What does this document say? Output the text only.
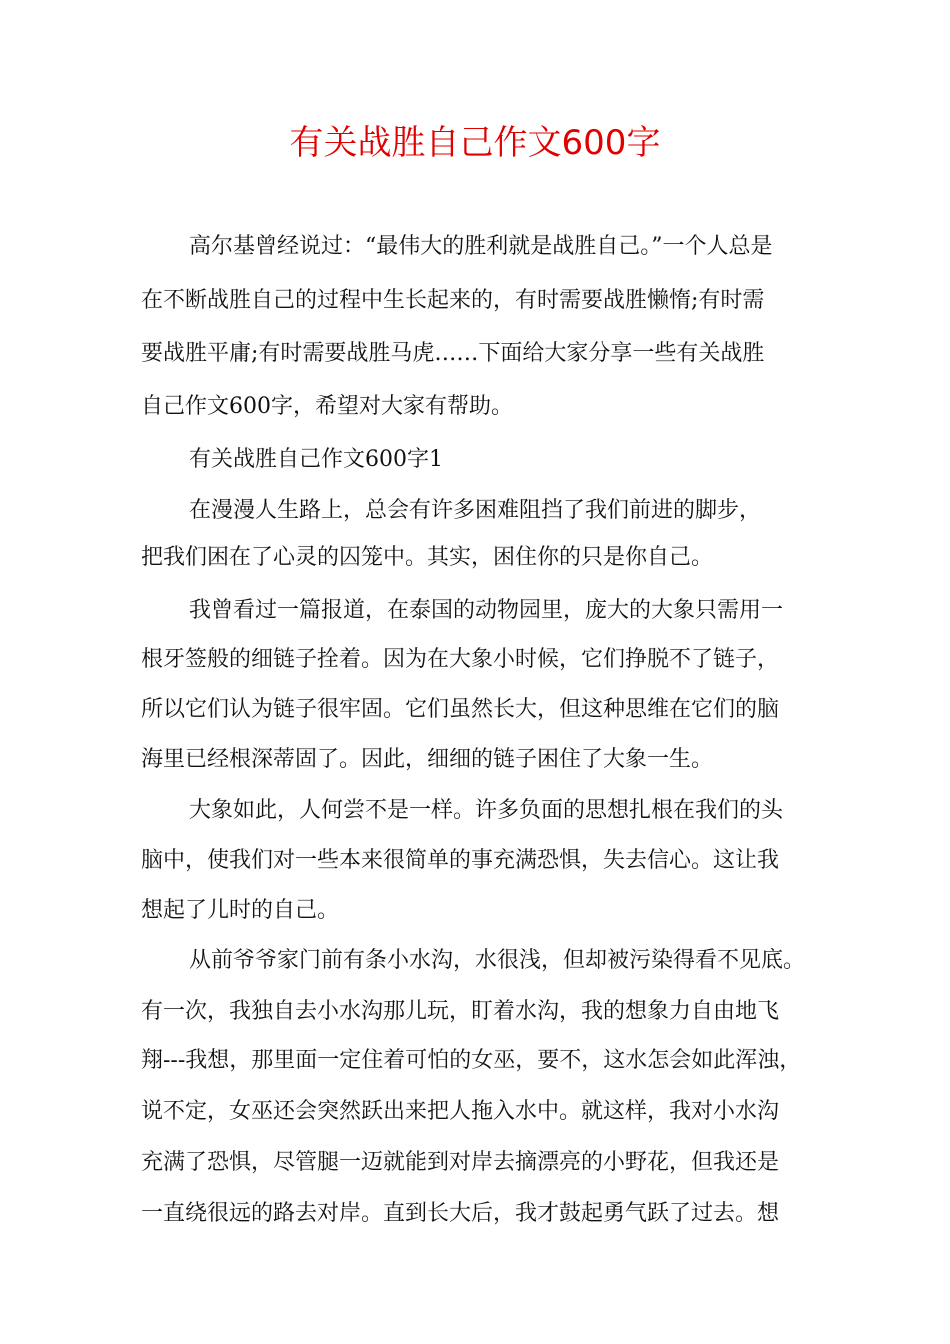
有关战胜自己作文600字

高尔基曾经说过：“最伟大的胜利就是战胜自己。”一个人总是

在不断战胜自己的过程中生长起来的，有时需要战胜懒惰;有时需

要战胜平庸;有时需要战胜马虎……下面给大家分享一些有关战胜

自己作文600字，希望对大家有帮助。

有关战胜自己作文600字1

在漫漫人生路上，总会有许多困难阻挡了我们前进的脚步，

把我们困在了心灵的囚笼中。其实，困住你的只是你自己。

我曾看过一篇报道，在泰国的动物园里，庞大的大象只需用一

根牙签般的细链子拴着。因为在大象小时候，它们挣脱不了链子，

所以它们认为链子很牢固。它们虽然长大，但这种思维在它们的脑

海里已经根深蒂固了。因此，细细的链子困住了大象一生。

大象如此，人何尝不是一样。许多负面的思想扎根在我们的头

脑中，使我们对一些本来很简单的事充满恐惧，失去信心。这让我

想起了儿时的自己。

从前爷爷家门前有条小水沟，水很浅，但却被污染得看不见底。

有一次，我独自去小水沟那儿玩，盯着水沟，我的想象力自由地飞

翔---我想，那里面一定住着可怕的女巫，要不，这水怎会如此浑浊，

说不定，女巫还会突然跃出来把人拖入水中。就这样，我对小水沟

充满了恐惧，尽管腿一迈就能到对岸去摘漂亮的小野花，但我还是

一直绕很远的路去对岸。直到长大后，我才鼓起勇气跃了过去。想
